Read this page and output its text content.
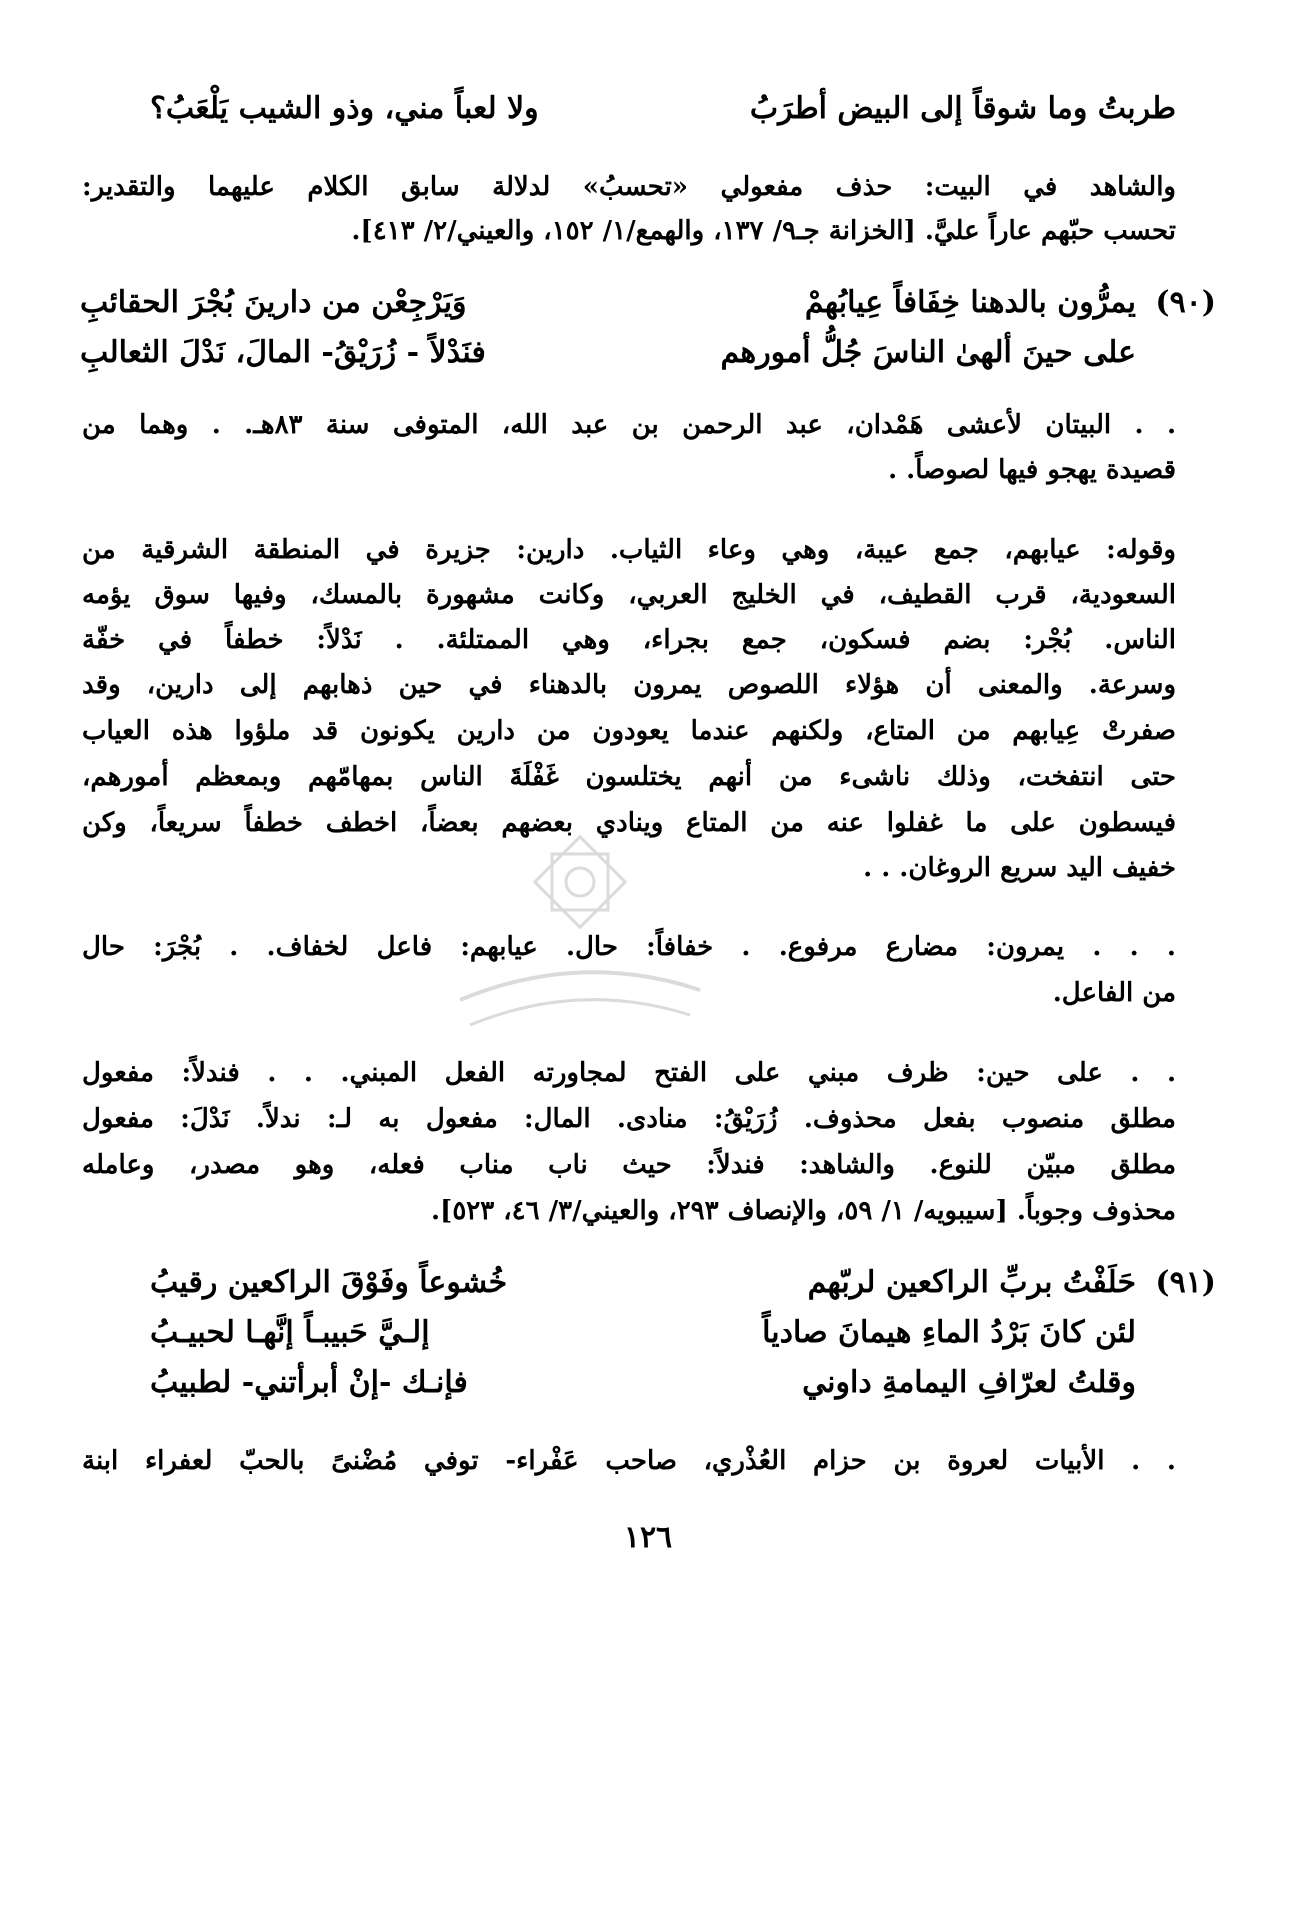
طربتُ وما شوقاً إلى البيض أطرَبُ
ولا لعباً مني، وذو الشيب يَلْعَبُ؟
والشاهد في البيت: حذف مفعولي «تحسبُ» لدلالة سابق الكلام عليهما والتقدير:
تحسب حبّهم عاراً عليَّ. [الخزانة جـ٩/ ١٣٧، والهمع/١/ ١٥٢، والعيني/٢/ ٤١٣].
(٩٠)
يمرُّون بالدهنا خِفَافاً عِيابُهمْ
وَيَرْجِعْن من دارينَ بُجْرَ الحقائبِ
على حينَ ألهىٰ الناسَ جُلُّ أمورهم
فنَدْلاً - زُرَيْقُ- المالَ، نَدْلَ الثعالبِ
. . البيتان لأعشى هَمْدان، عبد الرحمن بن عبد الله، المتوفى سنة ٨٣هـ. . وهما من
قصيدة يهجو فيها لصوصاً. .
وقوله: عيابهم، جمع عيبة، وهي وعاء الثياب. دارين: جزيرة في المنطقة الشرقية من
السعودية، قرب القطيف، في الخليج العربي، وكانت مشهورة بالمسك، وفيها سوق يؤمه
الناس. بُجْر: بضم فسكون، جمع بجراء، وهي الممتلئة. . نَدْلاً: خطفاً في خفّة
وسرعة. والمعنى أن هؤلاء اللصوص يمرون بالدهناء في حين ذهابهم إلى دارين، وقد
صفرتْ عِيابهم من المتاع، ولكنهم عندما يعودون من دارين يكونون قد ملؤوا هذه العياب
حتى انتفخت، وذلك ناشىء من أنهم يختلسون غَفْلَةَ الناس بمهامّهم وبمعظم أمورهم،
فيسطون على ما غفلوا عنه من المتاع وينادي بعضهم بعضاً، اخطف خطفاً سريعاً، وكن
خفيف اليد سريع الروغان. . .
. . . يمرون: مضارع مرفوع. . خفافاً: حال. عيابهم: فاعل لخفاف. . بُجْرَ: حال
من الفاعل.
. . على حين: ظرف مبني على الفتح لمجاورته الفعل المبني. . . فندلاً: مفعول
مطلق منصوب بفعل محذوف. زُرَيْقُ: منادى. المال: مفعول به لـ: ندلاً. نَدْلَ: مفعول
مطلق مبيّن للنوع. والشاهد: فندلاً: حيث ناب مناب فعله، وهو مصدر، وعامله
محذوف وجوباً. [سيبويه/ ١/ ٥٩، والإنصاف ٢٩٣، والعيني/٣/ ٤٦، ٥٢٣].
(٩١)
حَلَفْتُ بربِّ الراكعين لربّهم
خُشوعاً وفَوْقَ الراكعين رقيبُ
لئن كانَ بَرْدُ الماءِ هيمانَ صادياً
إلـيَّ حَبيبـاً إنَّهـا لحبيـبُ
وقلتُ لعرّافِ اليمامةِ داوني
فإنـك -إنْ أبرأتني- لطبيبُ
. . الأبيات لعروة بن حزام العُذْري، صاحب عَفْراء- توفي مُضْنىً بالحبّ لعفراء ابنة
١٢٦
